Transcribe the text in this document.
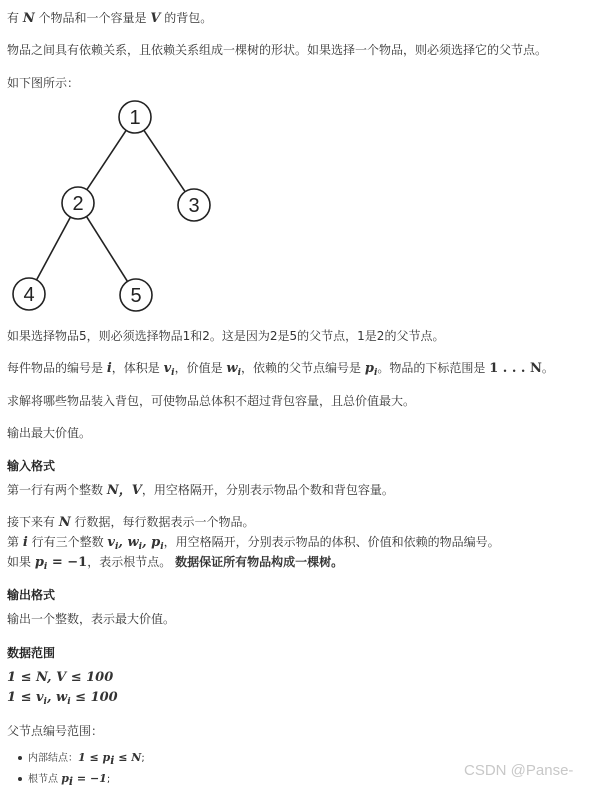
有 N 个物品和一个容量是 V 的背包。
物品之间具有依赖关系，且依赖关系组成一棵树的形状。如果选择一个物品，则必须选择它的父节点。
如下图所示：
1
2	3
4	5
如果选择物品5，则必须选择物品1和2。这是因为2是5的父节点，1是2的父节点。
每件物品的编号是 i，体积是 $v_i$，价值是 $w_i$，依赖的父节点编号是 $p_i$。物品的下标范围是 1 . . . N。
求解将哪些物品装入背包，可使物品总体积不超过背包容量，且总价值最大。
输出最大价值。
输入格式
第一行有两个整数 N，V，用空格隔开，分别表示物品个数和背包容量。
接下来有 N 行数据，每行数据表示一个物品。
第 i 行有三个整数 $v_i$, $w_i$, $p_i$，用空格隔开，分别表示物品的体积、价值和依赖的物品编号。
如果 $p_i = -1$，表示根节点。 数据保证所有物品构成一棵树。
输出格式
输出一个整数，表示最大价值。
数据范围
1 ≤ N, V ≤ 100
$1 \le v_i$, $w_i \le 100$
父节点编号范围：
内部结点：1 ≤ pi ≤ N;
根节点 pi = −1;
CSDN @Panse-
